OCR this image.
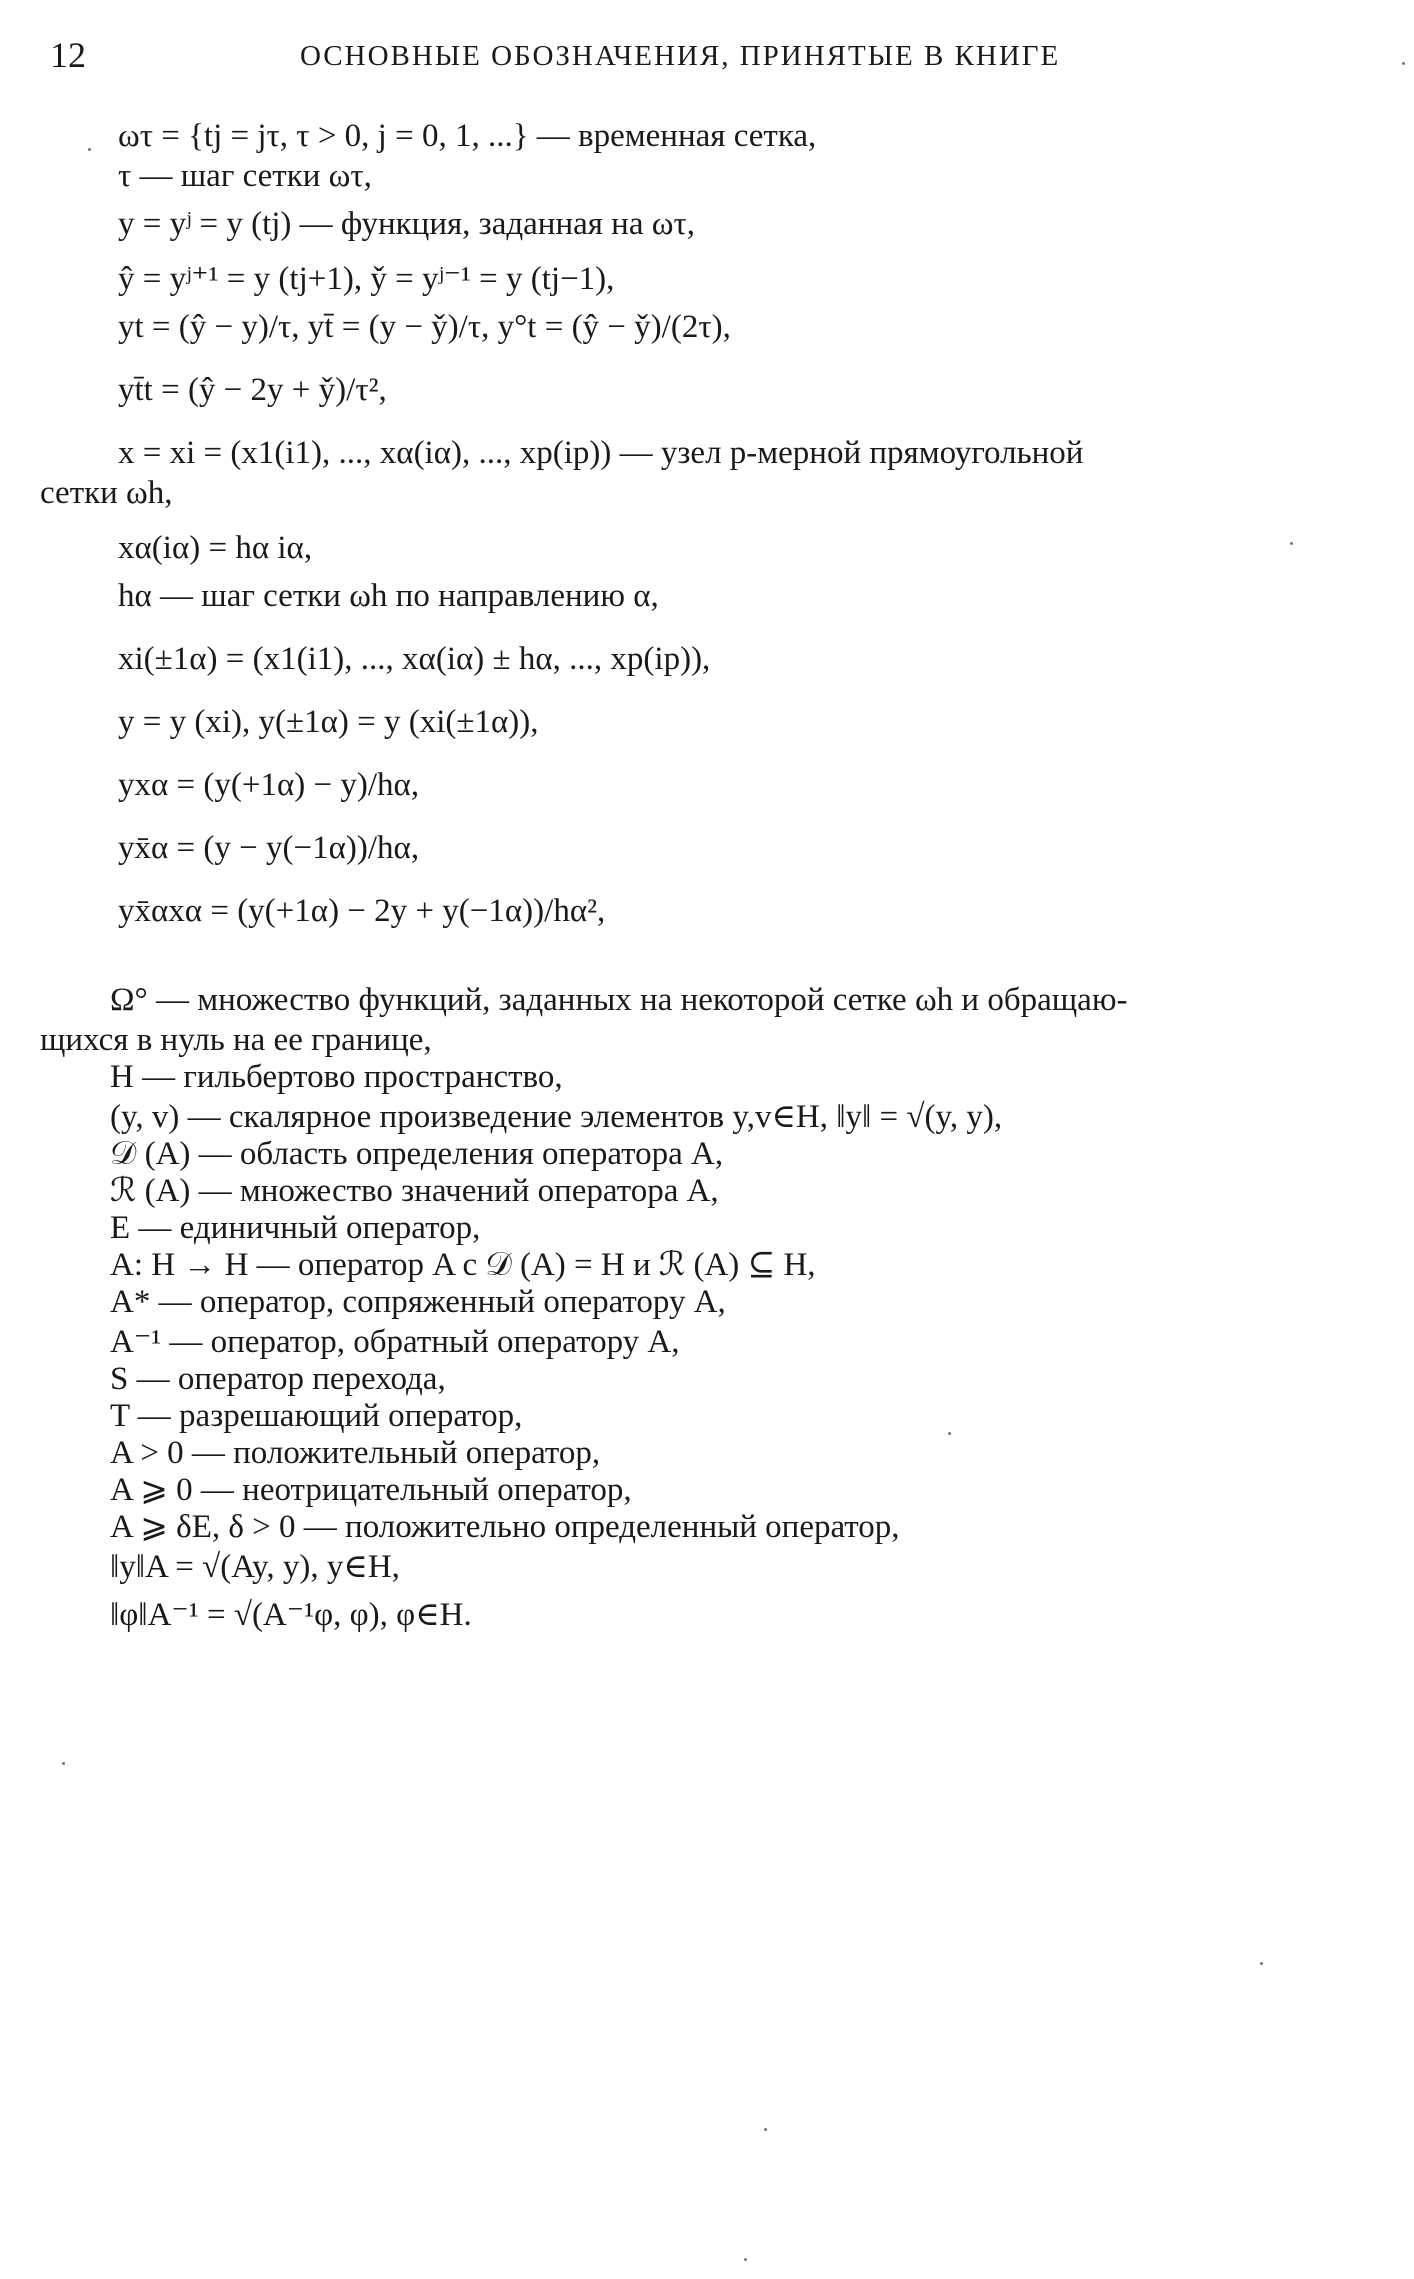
12	ОСНОВНЫЕ ОБОЗНАЧЕНИЯ, ПРИНЯТЫЕ В КНИГЕ
ωτ = {tj = jτ, τ > 0, j = 0, 1, ...} — временная сетка,
τ — шаг сетки ωτ,
y = yʲ = y (tj) — функция, заданная на ωτ,
ŷ = yʲ⁺¹ = y (tj+1), y̌ = yʲ⁻¹ = y (tj−1),
yt = (ŷ − y)/τ, yt̄ = (y − y̌)/τ, y°t = (ŷ − y̌)/(2τ),
yt̄t = (ŷ − 2y + y̌)/τ²,
x = xi = (x1(i1), ..., xα(iα), ..., xp(ip)) — узел p-мерной прямоугольной
сетки ωh,
xα(iα) = hα iα,
hα — шаг сетки ωh по направлению α,
xi(±1α) = (x1(i1), ..., xα(iα) ± hα, ..., xp(ip)),
y = y (xi), y(±1α) = y (xi(±1α)),
yxα = (y(+1α) − y)/hα,
yx̄α = (y − y(−1α))/hα,
yx̄αxα = (y(+1α) − 2y + y(−1α))/hα²,
Ω° — множество функций, заданных на некоторой сетке ωh и обращаю-
щихся в нуль на ее границе,
H — гильбертово пространство,
(y, v) — скалярное произведение элементов y,v∈H, ‖y‖ = √(y, y),
𝒟 (A) — область определения оператора A,
ℛ (A) — множество значений оператора A,
E — единичный оператор,
A: H → H — оператор A с 𝒟 (A) = H и ℛ (A) ⊆ H,
A* — оператор, сопряженный оператору A,
A⁻¹ — оператор, обратный оператору A,
S — оператор перехода,
T — разрешающий оператор,
A > 0 — положительный оператор,
A ⩾ 0 — неотрицательный оператор,
A ⩾ δE, δ > 0 — положительно определенный оператор,
‖y‖A = √(Ay, y), y∈H,
‖φ‖A⁻¹ = √(A⁻¹φ, φ), φ∈H.
